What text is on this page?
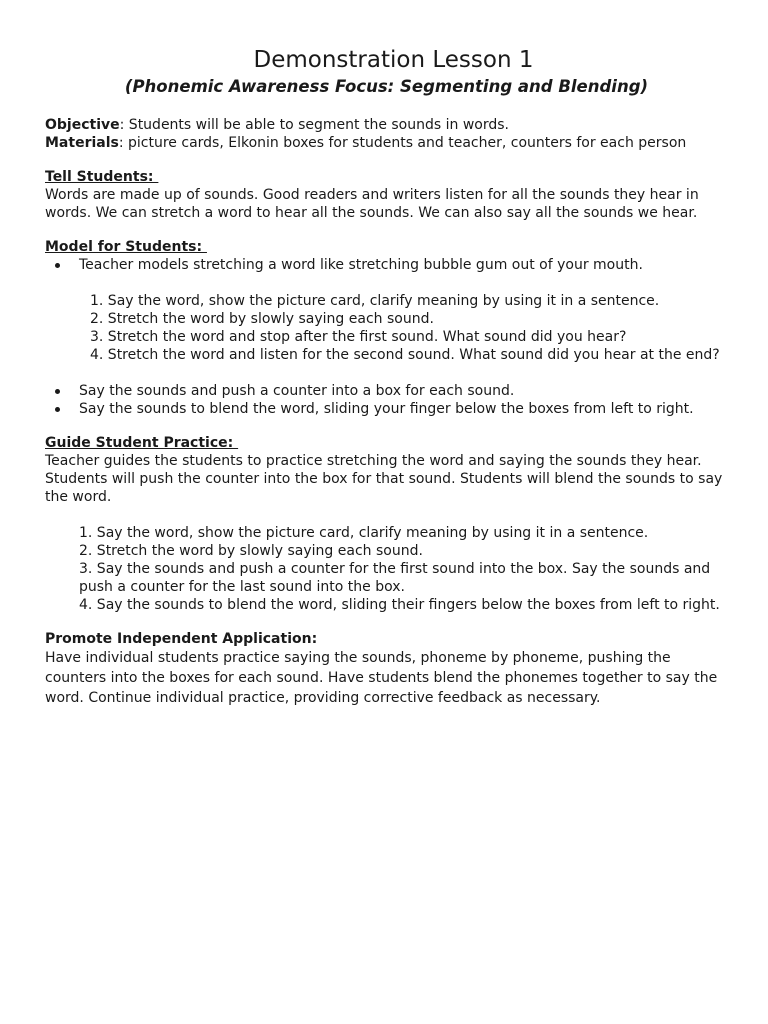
Demonstration Lesson 1

(Phonemic Awareness Focus: Segmenting and Blending)

Objective: Students will be able to segment the sounds in words.

Materials: picture cards, Elkonin boxes for students and teacher, counters for each person

Tell Students:

Words are made up of sounds. Good readers and writers listen for all the sounds they hear in words. We can stretch a word to hear all the sounds. We can also say all the sounds we hear.

Model for Students:

Teacher models stretching a word like stretching bubble gum out of your mouth.

1. Say the word, show the picture card, clarify meaning by using it in a sentence.

2. Stretch the word by slowly saying each sound.

3. Stretch the word and stop after the first sound. What sound did you hear?

4. Stretch the word and listen for the second sound. What sound did you hear at the end?

Say the sounds and push a counter into a box for each sound.
Say the sounds to blend the word, sliding your finger below the boxes from left to right.

Guide Student Practice:

Teacher guides the students to practice stretching the word and saying the sounds they hear. Students will push the counter into the box for that sound. Students will blend the sounds to say the word.

1. Say the word, show the picture card, clarify meaning by using it in a sentence.

2. Stretch the word by slowly saying each sound.

3. Say the sounds and push a counter for the first sound into the box. Say the sounds and push a counter for the last sound into the box.

4. Say the sounds to blend the word, sliding their fingers below the boxes from left to right.

Promote Independent Application:

Have individual students practice saying the sounds, phoneme by phoneme, pushing the counters into the boxes for each sound. Have students blend the phonemes together to say the word. Continue individual practice, providing corrective feedback as necessary.
